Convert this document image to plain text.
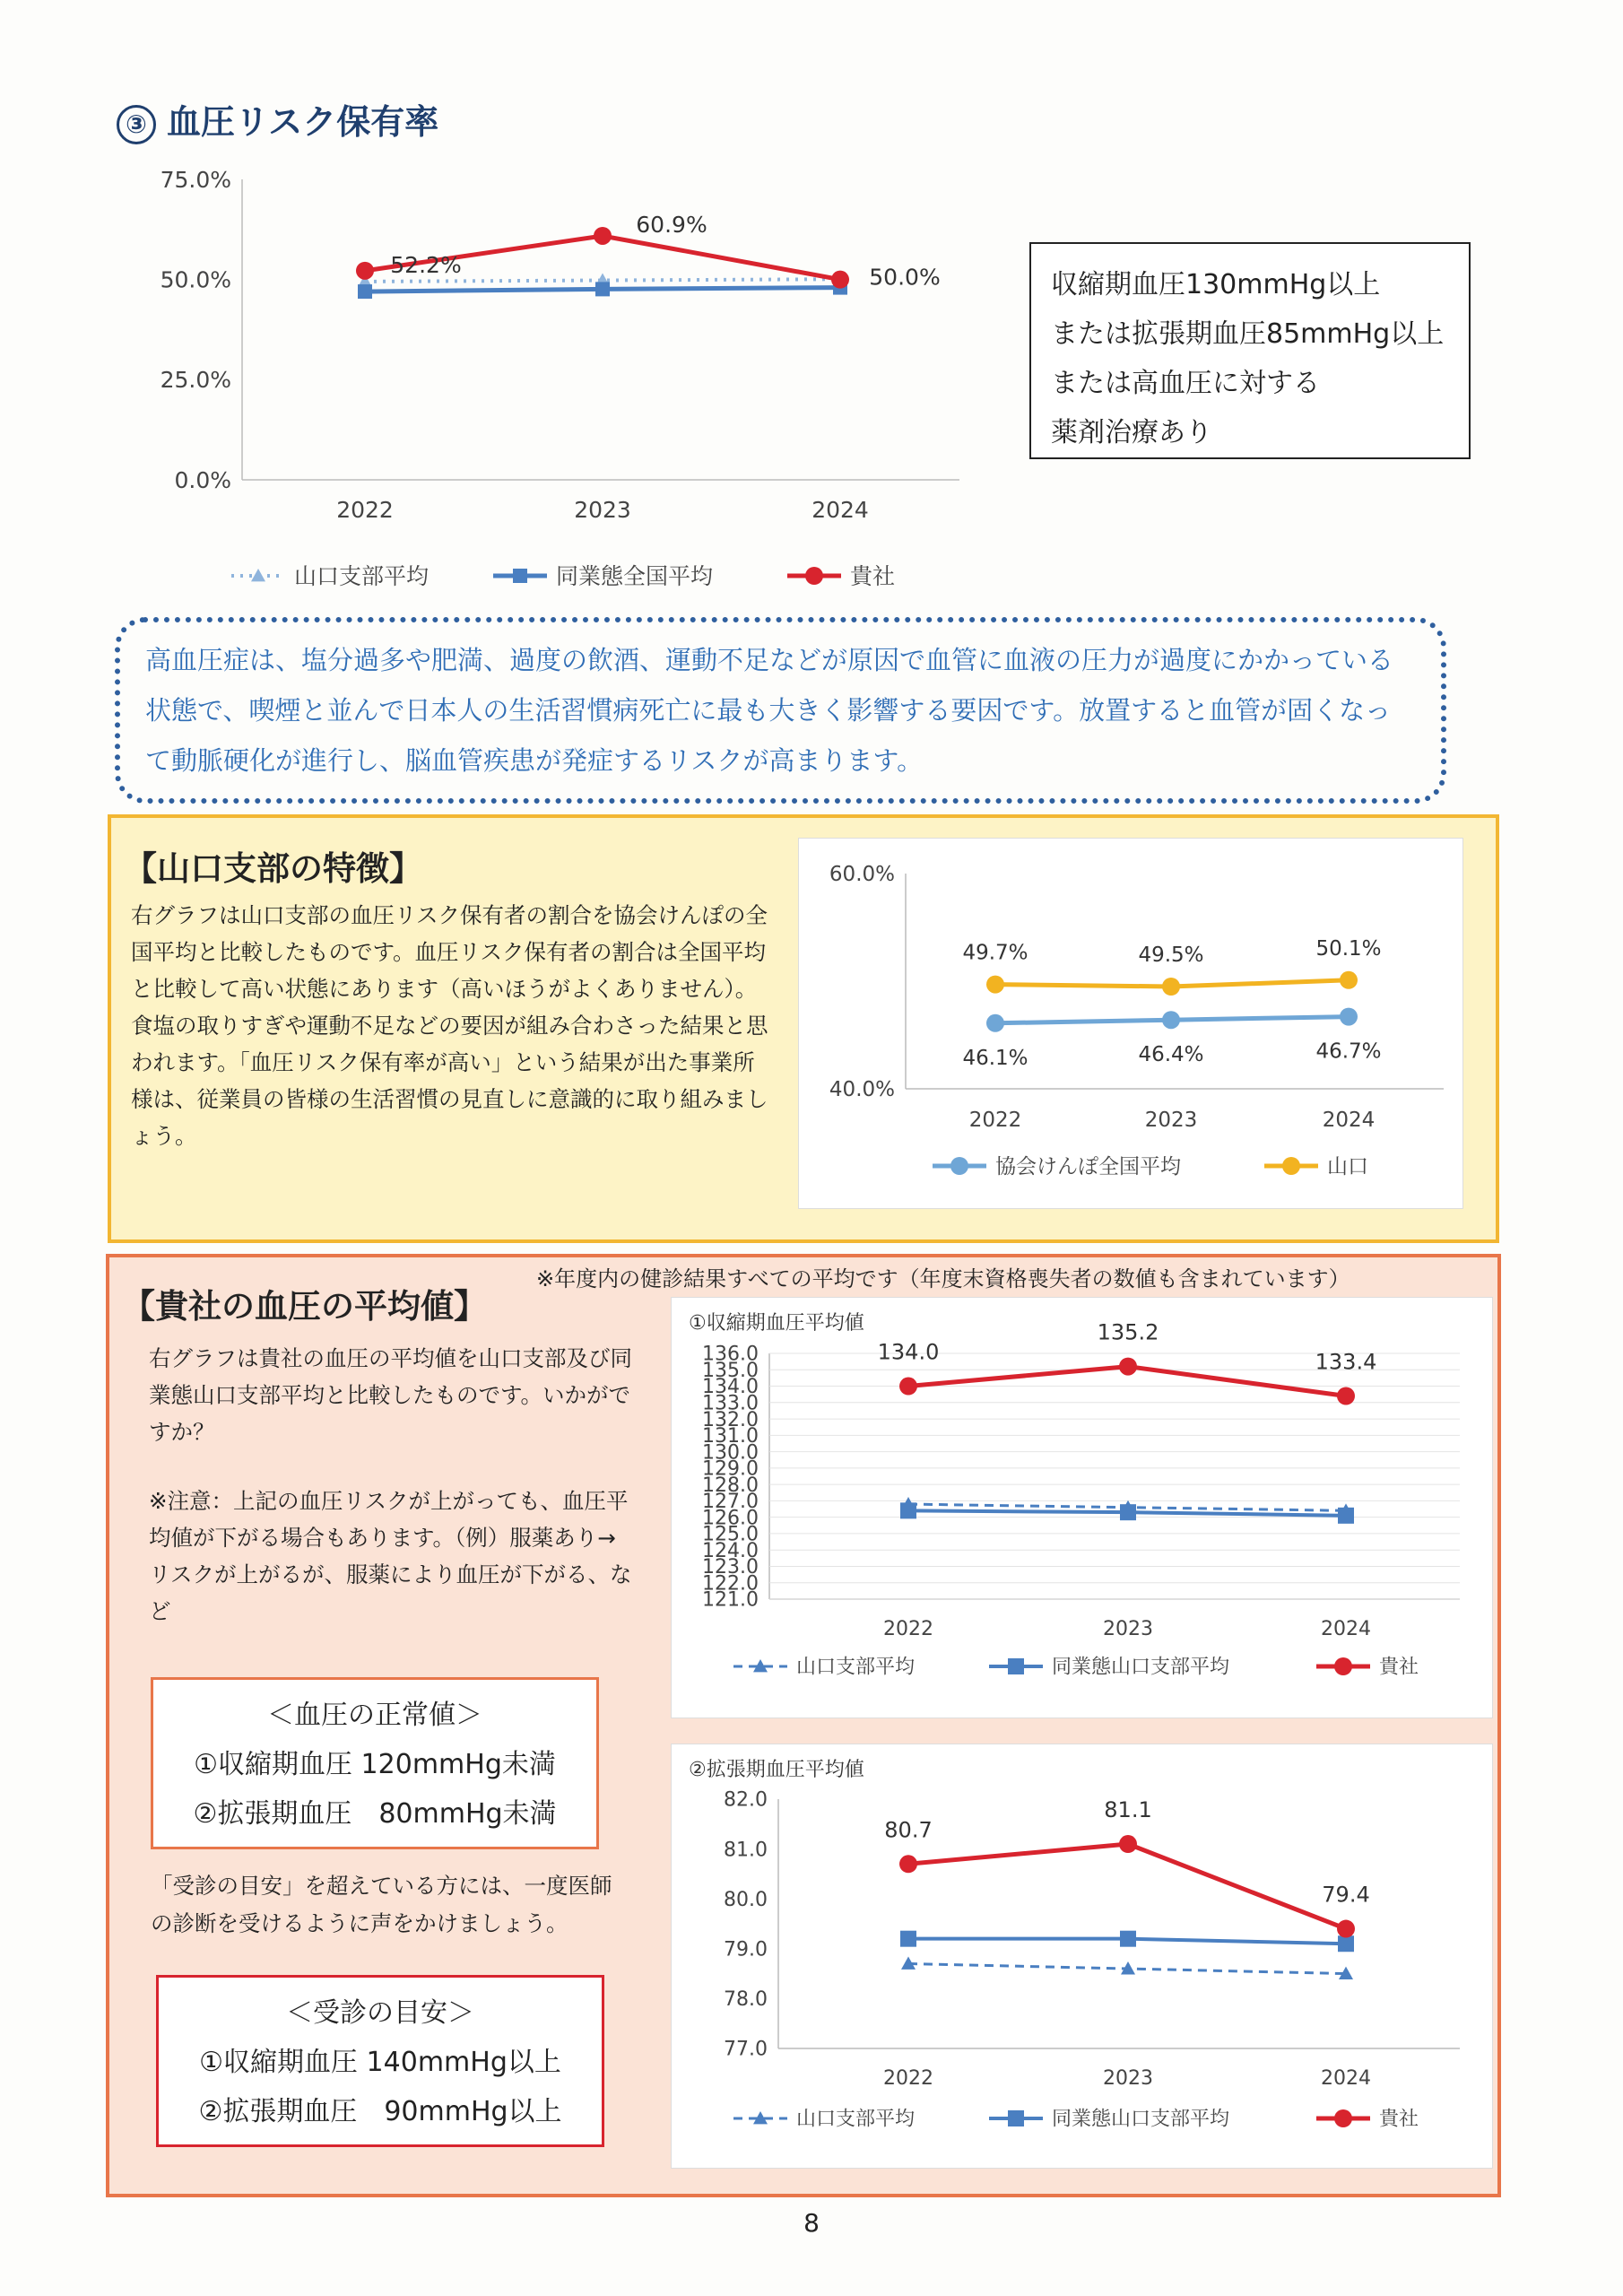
③ 血圧リスク保有率
0.0%
25.0%
50.0%
75.0%
2022	2023	2024
52.2%
60.9%
50.0%
山口支部平均	同業態全国平均	貴社
収縮期血圧130mmHg以上
または拡張期血圧85mmHg以上
または高血圧に対する
薬剤治療あり
高血圧症は、塩分過多や肥満、過度の飲酒、運動不足などが原因で血管に血液の圧力が過度にかかっている状態で、喫煙と並んで日本人の生活習慣病死亡に最も大きく影響する要因です。放置すると血管が固くなって動脈硬化が進行し、脳血管疾患が発症するリスクが高まります。
【山口支部の特徴】
右グラフは山口支部の血圧リスク保有者の割合を協会けんぽの全国平均と比較したものです。血圧リスク保有者の割合は全国平均と比較して高い状態にあります（高いほうがよくありません）。食塩の取りすぎや運動不足などの要因が組み合わさった結果と思われます。「血圧リスク保有率が高い」という結果が出た事業所様は、従業員の皆様の生活習慣の見直しに意識的に取り組みましょう。
40.0%
60.0%
2022	2023	2024
46.1%	46.4%	46.7%
49.7%	49.5%	50.1%
協会けんぽ全国平均	山口
※年度内の健診結果すべての平均です（年度末資格喪失者の数値も含まれています）
【貴社の血圧の平均値】
右グラフは貴社の血圧の平均値を山口支部及び同業態山口支部平均と比較したものです。いかがですか？
※注意：上記の血圧リスクが上がっても、血圧平均値が下がる場合もあります。（例）服薬あり→リスクが上がるが、服薬により血圧が下がる、など
＜血圧の正常値＞
①収縮期血圧 120mmHg未満
②拡張期血圧　80mmHg未満
「受診の目安」を超えている方には、一度医師の診断を受けるように声をかけましょう。
＜受診の目安＞
①収縮期血圧 140mmHg以上
②拡張期血圧　90mmHg以上
121.0
122.0
123.0
124.0
125.0
126.0
127.0
128.0
129.0
130.0
131.0
132.0
133.0
134.0
135.0
136.0
2022	2023	2024
134.0
135.2
133.4
山口支部平均	同業態山口支部平均	貴社
①収縮期血圧平均値
77.0
78.0
79.0
80.0
81.0
82.0
2022	2023	2024
80.7
81.1
79.4
山口支部平均	同業態山口支部平均	貴社
②拡張期血圧平均値
8
